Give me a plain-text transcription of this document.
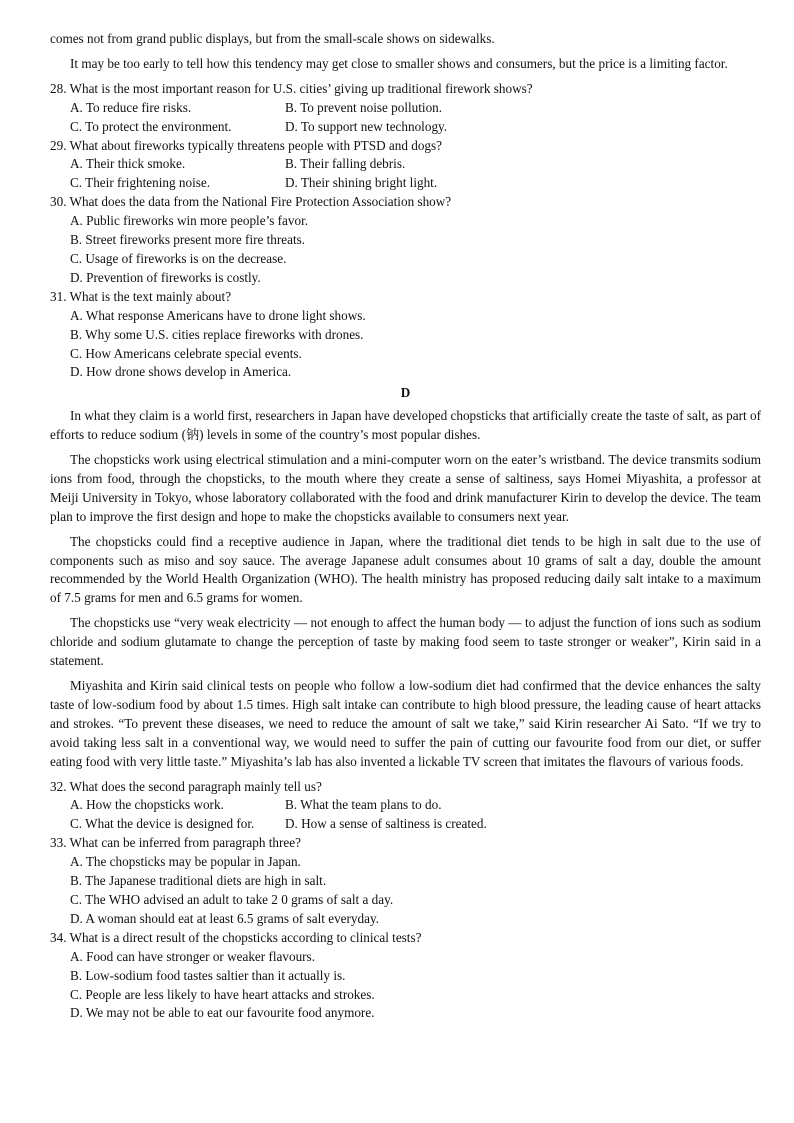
comes not from grand public displays, but from the small-scale shows on sidewalks.

It may be too early to tell how this tendency may get close to smaller shows and consumers, but the price is a limiting factor.

28. What is the most important reason for U.S. cities’ giving up traditional firework shows?

A. To reduce fire risks.	B. To prevent noise pollution.
C. To protect the environment.	D. To support new technology.

29. What about fireworks typically threatens people with PTSD and dogs?

A. Their thick smoke.	B. Their falling debris.
C. Their frightening noise.	D. Their shining bright light.

30. What does the data from the National Fire Protection Association show?

A. Public fireworks win more people’s favor.

B. Street fireworks present more fire threats.

C. Usage of fireworks is on the decrease.

D. Prevention of fireworks is costly.

31. What is the text mainly about?

A. What response Americans have to drone light shows.

B. Why some U.S. cities replace fireworks with drones.

C. How Americans celebrate special events.

D. How drone shows develop in America.

D

In what they claim is a world first, researchers in Japan have developed chopsticks that artificially create the taste of salt, as part of efforts to reduce sodium (钠) levels in some of the country’s most popular dishes.

The chopsticks work using electrical stimulation and a mini-computer worn on the eater’s wristband. The device transmits sodium ions from food, through the chopsticks, to the mouth where they create a sense of saltiness, says Homei Miyashita, a professor at Meiji University in Tokyo, whose laboratory collaborated with the food and drink manufacturer Kirin to develop the device. The team plan to improve the first design and hope to make the chopsticks available to consumers next year.

The chopsticks could find a receptive audience in Japan, where the traditional diet tends to be high in salt due to the use of components such as miso and soy sauce. The average Japanese adult consumes about 10 grams of salt a day, double the amount recommended by the World Health Organization (WHO). The health ministry has proposed reducing daily salt intake to a maximum of 7.5 grams for men and 6.5 grams for women.

The chopsticks use “very weak electricity — not enough to affect the human body — to adjust the function of ions such as sodium chloride and sodium glutamate to change the perception of taste by making food seem to taste stronger or weaker”, Kirin said in a statement.

Miyashita and Kirin said clinical tests on people who follow a low-sodium diet had confirmed that the device enhances the salty taste of low-sodium food by about 1.5 times. High salt intake can contribute to high blood pressure, the leading cause of heart attacks and strokes. “To prevent these diseases, we need to reduce the amount of salt we take,” said Kirin researcher Ai Sato. “If we try to avoid taking less salt in a conventional way, we would need to suffer the pain of cutting our favourite food from our diet, or suffer eating food with very little taste.” Miyashita’s lab has also invented a lickable TV screen that imitates the flavours of various foods.

32. What does the second paragraph mainly tell us?

A. How the chopsticks work.	B. What the team plans to do.
C. What the device is designed for.	D. How a sense of saltiness is created.

33. What can be inferred from paragraph three?

A. The chopsticks may be popular in Japan.

B. The Japanese traditional diets are high in salt.

C. The WHO advised an adult to take 2 0 grams of salt a day.

D. A woman should eat at least 6.5 grams of salt everyday.

34. What is a direct result of the chopsticks according to clinical tests?

A. Food can have stronger or weaker flavours.

B. Low-sodium food tastes saltier than it actually is.

C. People are less likely to have heart attacks and strokes.

D. We may not be able to eat our favourite food anymore.
